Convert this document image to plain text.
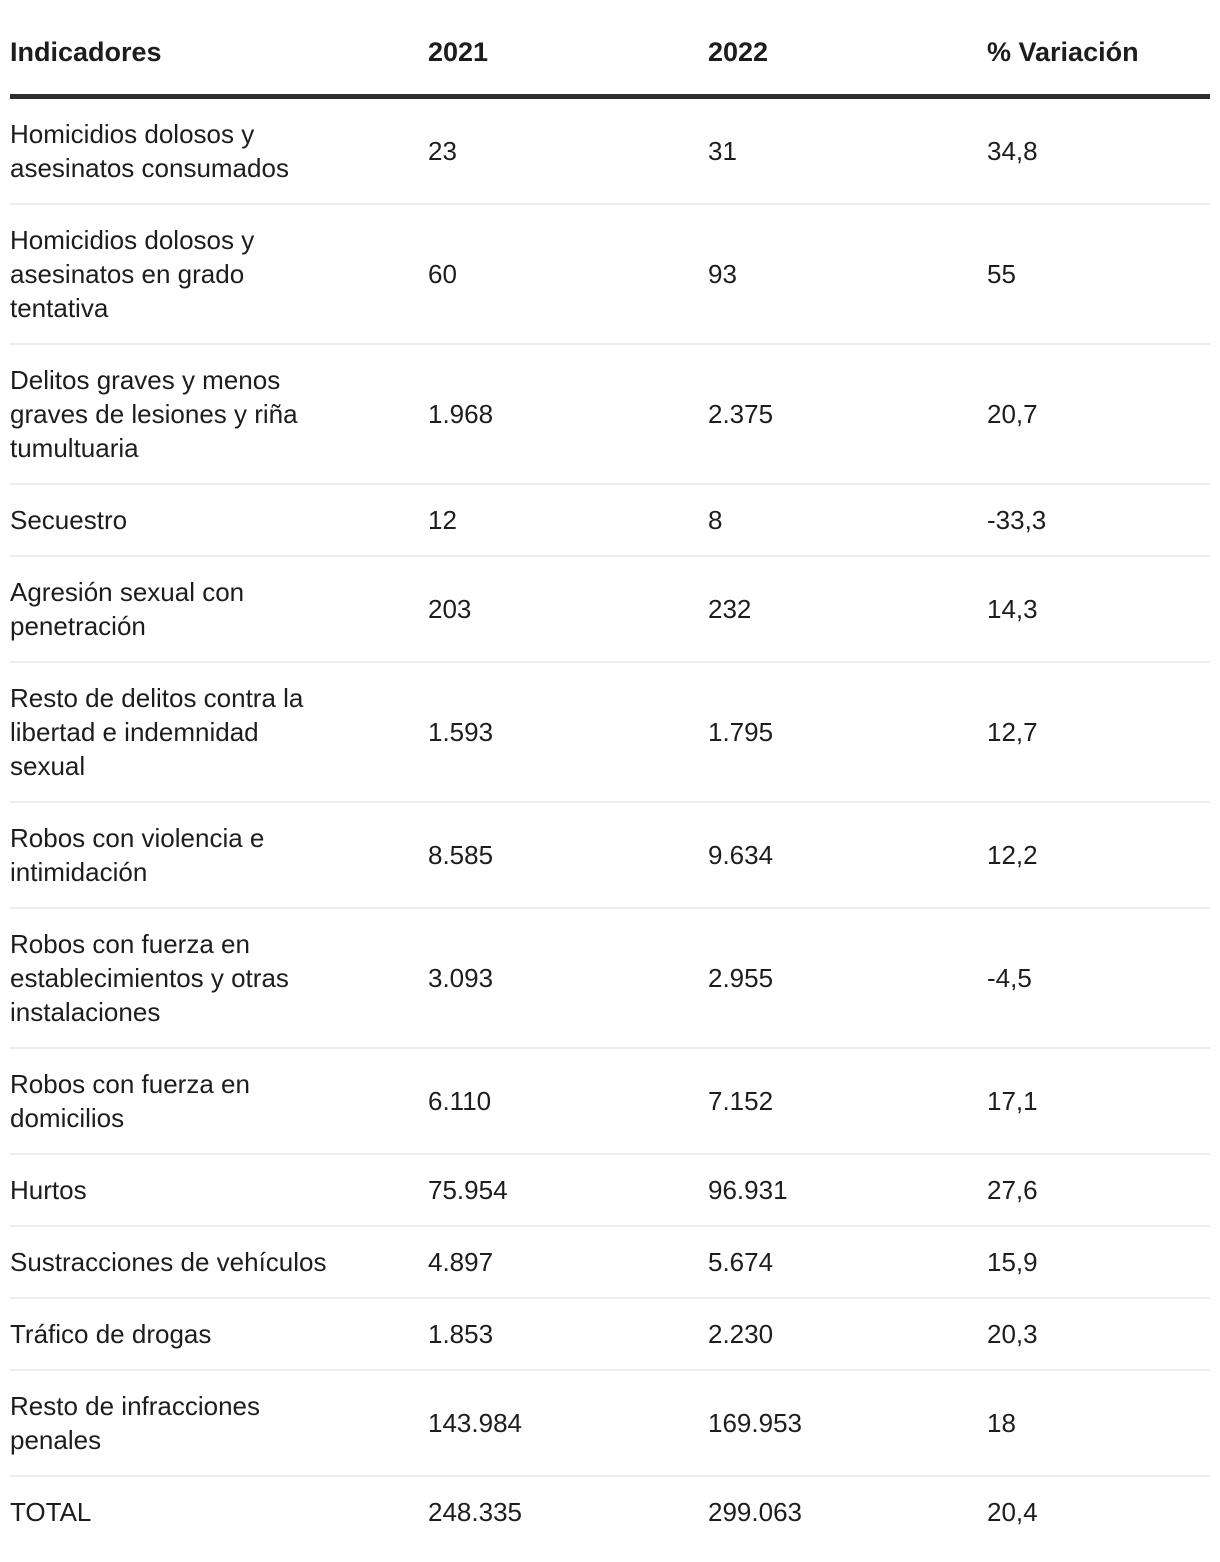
Indicadores	2021	2022	% Variación

Homicidios dolosos y asesinatos consumados	23	31	34,8

Homicidios dolosos y asesinatos en grado tentativa	60	93	55

Delitos graves y menos graves de lesiones y riña tumultuaria	1.968	2.375	20,7

Secuestro	12	8	-33,3

Agresión sexual con penetración	203	232	14,3

Resto de delitos contra la libertad e indemnidad sexual	1.593	1.795	12,7

Robos con violencia e intimidación	8.585	9.634	12,2

Robos con fuerza en establecimientos y otras instalaciones	3.093	2.955	-4,5

Robos con fuerza en domicilios	6.110	7.152	17,1

Hurtos	75.954	96.931	27,6

Sustracciones de vehículos	4.897	5.674	15,9

Tráfico de drogas	1.853	2.230	20,3

Resto de infracciones penales	143.984	169.953	18

TOTAL	248.335	299.063	20,4
